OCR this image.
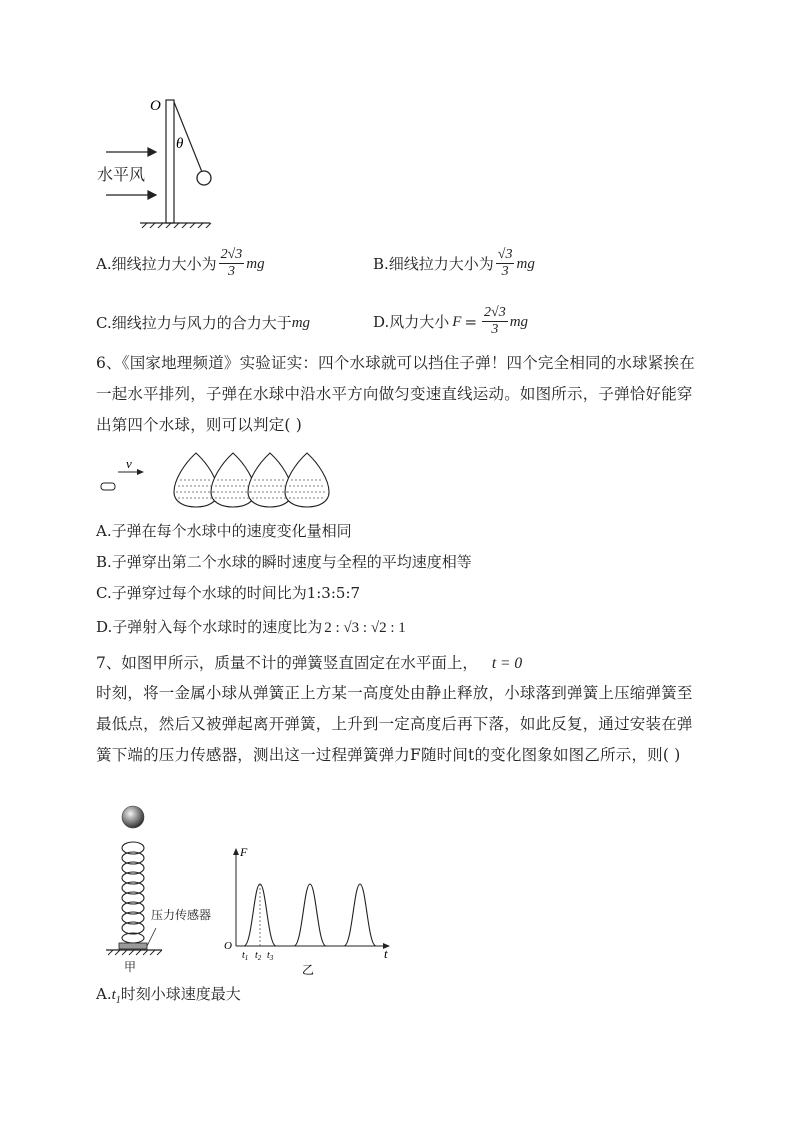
O
θ
水平风
A.细线拉力大小为 $\frac{2√3}{3}$ mg	B.细线拉力大小为 $\frac{√3}{3}$ mg
C.细线拉力与风力的合力大于 mg	D.风力大小 $F = \frac{2√3}{3}$ mg
6、《国家地理频道》实验证实：四个水球就可以挡住子弹！四个完全相同的水球紧挨在一起水平排列，子弹在水球中沿水平方向做匀变速直线运动。如图所示，子弹恰好能穿出第四个水球，则可以判定( )
v
A.子弹在每个水球中的速度变化量相同
B.子弹穿出第二个水球的瞬时速度与全程的平均速度相等
C.子弹穿过每个水球的时间比为1:3:5:7
D.子弹射入每个水球时的速度比为 2 : √3 : √2 : 1
7、如图甲所示，质量不计的弹簧竖直固定在水平面上， t = 0
时刻，将一金属小球从弹簧正上方某一高度处由静止释放，小球落到弹簧上压缩弹簧至最低点，然后又被弹起离开弹簧，上升到一定高度后再下落，如此反复，通过安装在弹簧下端的压力传感器，测出这一过程弹簧弹力F随时间t的变化图象如图乙所示，则( )
压力传感器
甲
F
t
O
$t_1$ $t_2$ $t_3$
乙
$A.t_1$时刻小球速度最大
